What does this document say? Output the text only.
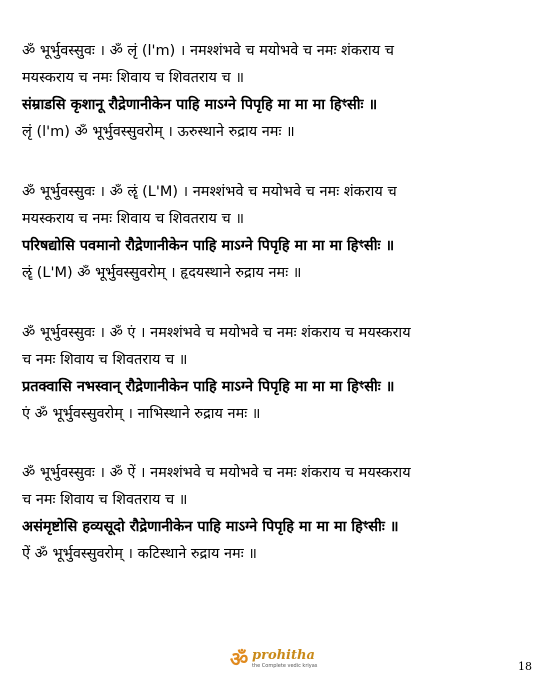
ॐ भूर्भुवस्सुवः । ॐ लृं (l'm) । नमश्शंभवे च मयोभवे च नमः शंकराय च
मयस्कराय च नमः शिवाय च शिवतराय च ॥
संम्राडसि कृशानू रौद्रेणानीकेन पाहि माऽग्ने पिपृहि मा मा मा हिꣳसीः ॥
लृं (l'm) ॐ भूर्भुवस्सुवरोम् । ऊरुस्थाने रुद्राय नमः ॥
ॐ भूर्भुवस्सुवः । ॐ ॡं (L'M) । नमश्शंभवे च मयोभवे च नमः शंकराय च
मयस्कराय च नमः शिवाय च शिवतराय च ॥
परिषद्योसि पवमानो रौद्रेणानीकेन पाहि माऽग्ने पिपृहि मा मा मा हिꣳसीः ॥
ॡं (L'M) ॐ भूर्भुवस्सुवरोम् । हृदयस्थाने रुद्राय नमः ॥
ॐ भूर्भुवस्सुवः । ॐ एं । नमश्शंभवे च मयोभवे च नमः शंकराय च मयस्कराय
च नमः शिवाय च शिवतराय च ॥
प्रतक्वासि नभस्वान् रौद्रेणानीकेन पाहि माऽग्ने पिपृहि मा मा मा हिꣳसीः ॥
एं ॐ भूर्भुवस्सुवरोम् । नाभिस्थाने रुद्राय नमः ॥
ॐ भूर्भुवस्सुवः । ॐ ऐं । नमश्शंभवे च मयोभवे च नमः शंकराय च मयस्कराय
च नमः शिवाय च शिवतराय च ॥
असंमृष्टोसि हव्यसूदो रौद्रेणानीकेन पाहि माऽग्ने पिपृहि मा मा मा हिꣳसीः ॥
ऐं ॐ भूर्भुवस्सुवरोम् । कटिस्थाने रुद्राय नमः ॥
ॐ prohitha
the Complete vedic kriyas	18
